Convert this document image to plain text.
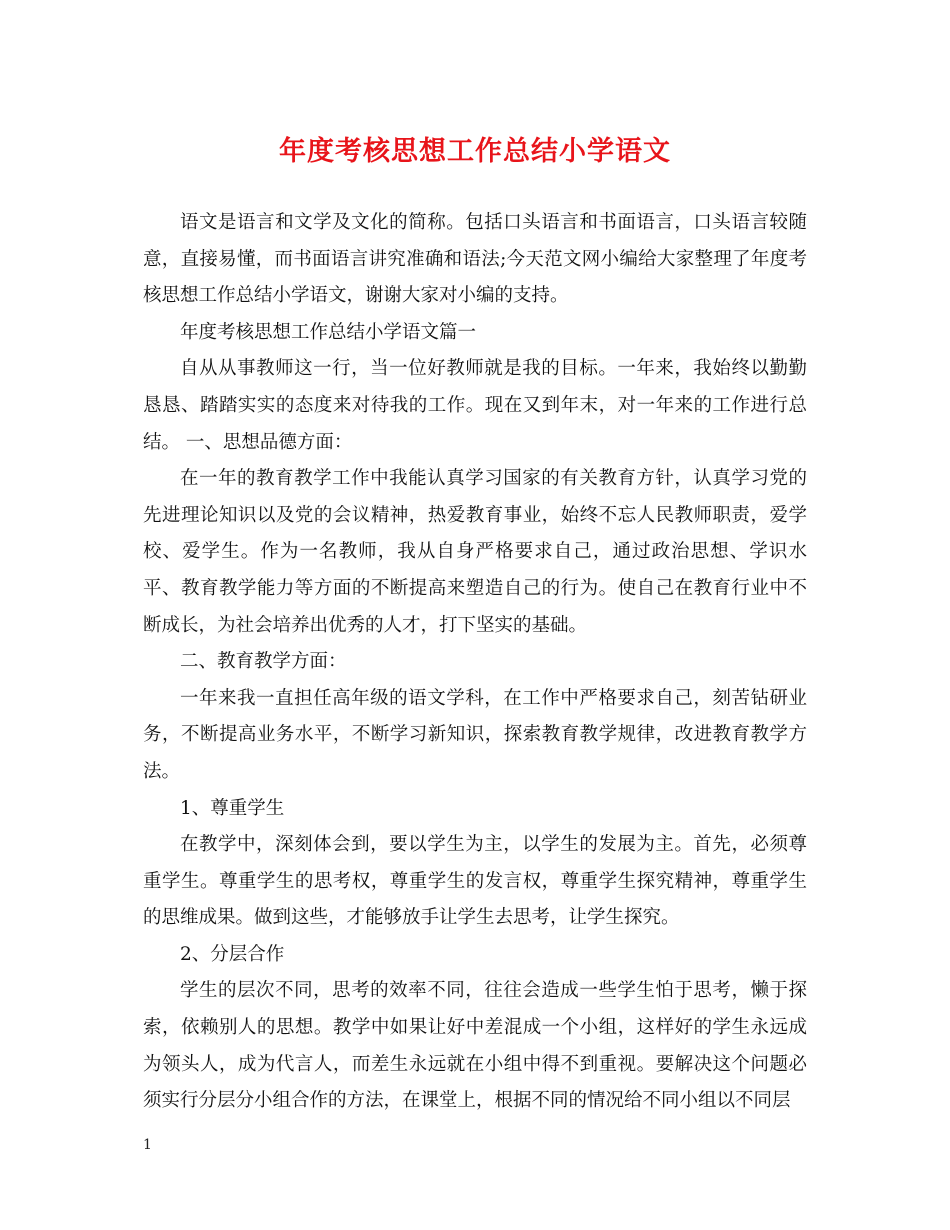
年度考核思想工作总结小学语文

语文是语言和文学及文化的简称。包括口头语言和书面语言，口头语言较随意，直接易懂，而书面语言讲究准确和语法;今天范文网小编给大家整理了年度考核思想工作总结小学语文，谢谢大家对小编的支持。

年度考核思想工作总结小学语文篇一

自从从事教师这一行，当一位好教师就是我的目标。一年来，我始终以勤勤恳恳、踏踏实实的态度来对待我的工作。现在又到年末，对一年来的工作进行总结。 一、思想品德方面：

在一年的教育教学工作中我能认真学习国家的有关教育方针，认真学习党的先进理论知识以及党的会议精神，热爱教育事业，始终不忘人民教师职责，爱学校、爱学生。作为一名教师，我从自身严格要求自己，通过政治思想、学识水平、教育教学能力等方面的不断提高来塑造自己的行为。使自己在教育行业中不断成长，为社会培养出优秀的人才，打下坚实的基础。

二、教育教学方面：

一年来我一直担任高年级的语文学科，在工作中严格要求自己，刻苦钻研业务，不断提高业务水平，不断学习新知识，探索教育教学规律，改进教育教学方法。

1、尊重学生

在教学中，深刻体会到，要以学生为主，以学生的发展为主。首先，必须尊重学生。尊重学生的思考权，尊重学生的发言权，尊重学生探究精神，尊重学生的思维成果。做到这些，才能够放手让学生去思考，让学生探究。

2、分层合作

学生的层次不同，思考的效率不同，往往会造成一些学生怕于思考，懒于探索，依赖别人的思想。教学中如果让好中差混成一个小组，这样好的学生永远成为领头人，成为代言人，而差生永远就在小组中得不到重视。要解决这个问题必须实行分层分小组合作的方法，在课堂上，根据不同的情况给不同小组以不同层

1
